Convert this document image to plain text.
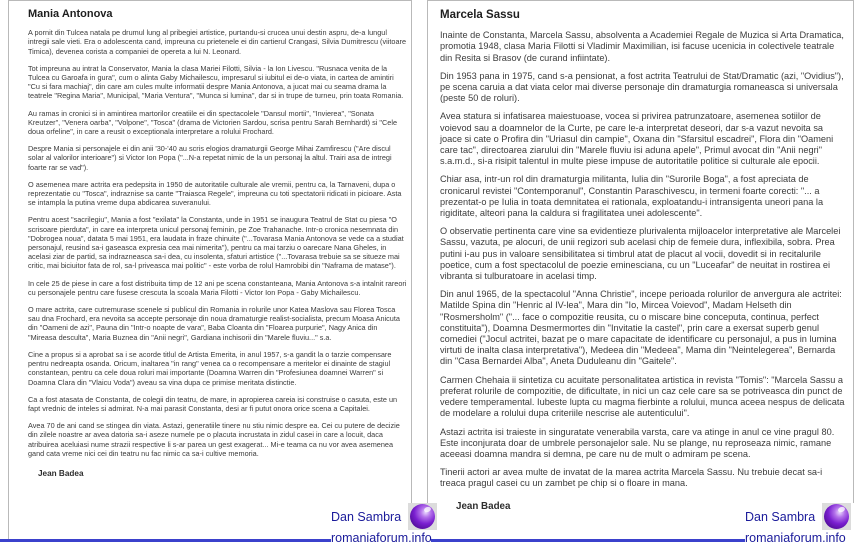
Mania Antonova

A pornit din Tulcea natala pe drumul lung al pribegiei artistice, purtandu-si crucea unui destin aspru, de-a lungul intregii sale vieti. Era o adolescenta cand, impreuna cu prietenele ei din cartierul Crangasi, Silvia Dumitrescu (viitoare Timica), devenea corista a companiei de opereta a lui N. Leonard.

Tot impreuna au intrat la Conservator, Mania la clasa Mariei Filotti, Silvia - la Ion Livescu. "Rusnaca venita de la Tulcea cu Garoafa in gura", cum o alinta Gaby Michailescu, impresarul si iubitul ei de-o viata, in cartea de amintiri "Cu si fara machiaj", din care am cules multe informatii despre Mania Antonova, a jucat mai cu seama drama la teatrele "Regina Maria", Municipal, "Maria Ventura", "Munca si lumina", dar si in trupe de turneu, prin toata Romania.

Au ramas in cronici si in amintirea martorilor creatiile ei din spectacolele "Dansul mortii", "Invierea", "Sonata Kreutzer", "Venera oarba", "Volpone", "Tosca" (drama de Victorien Sardou, scrisa pentru Sarah Bernhardt) si "Cele doua orfeline", in care a reusit o exceptionala interpretare a rolului Frochard.

Despre Mania si personajele ei din anii '30-'40 au scris elogios dramaturgii George Mihai Zamfirescu ("Are discul solar al valorilor interioare") si Victor Ion Popa ("...N-a repetat nimic de la un personaj la altul. Trairi asa de intregi foarte rar se vad").

O asemenea mare actrita era pedepsita in 1950 de autoritatile culturale ale vremii, pentru ca, la Tarnaveni, dupa o reprezentatie cu "Tosca", indraznise sa cante "Traiasca Regele", impreuna cu toti spectatorii ridicati in picioare. Asta se intampla la putina vreme dupa abdicarea suveranului.

Pentru acest "sacrilegiu", Mania a fost "exilata" la Constanta, unde in 1951 se inaugura Teatrul de Stat cu piesa "O scrisoare pierduta", in care ea interpreta unicul personaj feminin, pe Zoe Trahanache. Intr-o cronica nesemnata din "Dobrogea noua", datata 5 mai 1951, era laudata in fraze chinuite ("...Tovarasa Mania Antonova se vede ca a studiat personajul, reusind sa-i gaseasca expresia cea mai nimerita"), pentru ca mai tarziu o oarecare Nana Gheles, in acelasi ziar de partid, sa indrazneasca sa-i dea, cu insolenta, sfaturi artistice ("...Tovarasa trebuie sa se situeze mai critic, mai biciuitor fata de rol, sa-l priveasca mai politic" - este vorba de rolul Hamrobibi din "Naframa de matase").

In cele 25 de piese in care a fost distribuita timp de 12 ani pe scena constanteana, Mania Antonova s-a intalnit rareori cu personajele pentru care fusese crescuta la scoala Maria Filotti - Victor Ion Popa - Gaby Michailescu.

O mare actrita, care cutremurase scenele si publicul din Romania in rolurile unor Katea Maslova sau Florea Tosca sau dna Frochard, era nevoita sa accepte personaje din noua dramaturgie realist-socialista, precum Moasa Anicuta din "Oameni de azi", Pauna din "Intr-o noapte de vara", Baba Cloanta din "Floarea purpurie", Nagy Anica din "Mireasa desculta", Maria Buznea din "Anii negri", Gardiana inchisorii din "Marele fluviu..." s.a.

Cine a propus si a aprobat sa i se acorde titlul de Artista Emerita, in anul 1957, s-a gandit la o tarzie compensare pentru nedreapta osanda. Oricum, inaltarea "in rang" venea ca o recompensare a meritelor ei dinainte de stagiul constantean, pentru ca cele doua roluri mai importante (Doamna Warren din "Profesiunea doamnei Warren" si Doamna Clara din "Vlaicu Voda") aveau sa vina dupa ce primise meritata distinctie.

Ca a fost atasata de Constanta, de colegii din teatru, de mare, in apropierea careia isi construise o casuta, este un fapt vrednic de inteles si admirat. N-a mai parasit Constanta, desi ar fi putut onora orice scena a Capitalei.

Avea 70 de ani cand se stingea din viata. Astazi, generatiile tinere nu stiu nimic despre ea. Cei cu putere de decizie din zilele noastre ar avea datoria sa-i aseze numele pe o placuta incrustata in zidul casei in care a locuit, daca atribuirea aceluiasi nume strazii respective li s-ar parea un gest exagerat... Mi-e teama ca nu vor avea asemenea gand cata vreme nici cei din teatru nu fac nimic ca sa-i cultive memoria.

Jean Badea
Marcela Sassu

Inainte de Constanta, Marcela Sassu, absolventa a Academiei Regale de Muzica si Arta Dramatica, promotia 1948, clasa Maria Filotti si Vladimir Maximilian, isi facuse ucenicia in colectivele teatrale din Resita si Brasov (de curand infiintate).

Din 1953 pana in 1975, cand s-a pensionat, a fost actrita Teatrului de Stat/Dramatic (azi, "Ovidius"), pe scena caruia a dat viata celor mai diverse personaje din dramaturgia romaneasca si universala (peste 50 de roluri).

Avea statura si infatisarea maiestuoase, vocea si privirea patrunzatoare, asemenea sotiilor de voievod sau a doamnelor de la Curte, pe care le-a interpretat deseori, dar s-a vazut nevoita sa joace si cate o Profira din "Uriasul din campie", Oxana din "Sfarsitul escadrei", Flora din "Oameni care tac", directoarea ziarului din "Marele fluviu isi aduna apele", Primul avocat din "Anii negri" s.a.m.d., si-a risipit talentul in multe piese impuse de autoritatile politice si culturale ale epocii.

Chiar asa, intr-un rol din dramaturgia militanta, Iulia din "Surorile Boga", a fost apreciata de cronicarul revistei "Contemporanul", Constantin Paraschivescu, in termeni foarte corecti: "... a prezentat-o pe Iulia in toata demnitatea ei rationala, exploatandu-i intransigenta uneori pana la rigiditate, alteori pana la caldura si fragilitatea unei adolescente".

O observatie pertinenta care vine sa evidentieze plurivalenta mijloacelor interpretative ale Marcelei Sassu, vazuta, pe alocuri, de unii regizori sub acelasi chip de femeie dura, inflexibila, sobra. Prea putini i-au pus in valoare sensibilitatea si timbrul atat de placut al vocii, dovedit si in recitalurile poetice, cum a fost spectacolul de poezie eminesciana, cu un "Luceafar" de neuitat in rostirea ei vibranta si tulburatoare in acelasi timp.

Din anul 1965, de la spectacolul "Anna Christie", incepe perioada rolurilor de anvergura ale actritei: Matilde Spina din "Henric al IV-lea", Mara din "Io, Mircea Voievod", Madam Helseth din "Rosmersholm" ("... face o compozitie reusita, cu o miscare bine conceputa, continua, perfect constituita"), Doamna Desmermortes din "Invitatie la castel", prin care a exersat superb genul comediei ("Jocul actritei, bazat pe o mare capacitate de identificare cu personajul, a pus in lumina virtuti de inalta clasa interpretativa"), Medeea din "Medeea", Mama din "Neintelegerea", Bernarda din "Casa Bernardei Alba", Aneta Duduleanu din "Gaitele".

Carmen Chehaia ii sintetiza cu acuitate personalitatea artistica in revista "Tomis": "Marcela Sassu a preferat rolurile de compozitie, de dificultate, in nici un caz cele care sa se potriveasca din punct de vedere temperamental. Iubeste lupta cu magma fierbinte a rolului, munca aceea nespus de delicata de modelare a rolului dupa criteriile nescrise ale autenticului".

Astazi actrita isi traieste in singuratate venerabila varsta, care va atinge in anul ce vine pragul 80. Este inconjurata doar de umbrele personajelor sale. Nu se plange, nu reproseaza nimic, ramane aceeasi doamna mandra si demna, pe care nu de mult o admiram pe scena.

Tinerii actori ar avea multe de invatat de la marea actrita Marcela Sassu. Nu trebuie decat sa-i treaca pragul casei cu un zambet pe chip si o floare in mana.

Jean Badea
Dan Sambra
romaniaforum.info
Dan Sambra
romaniaforum.info
